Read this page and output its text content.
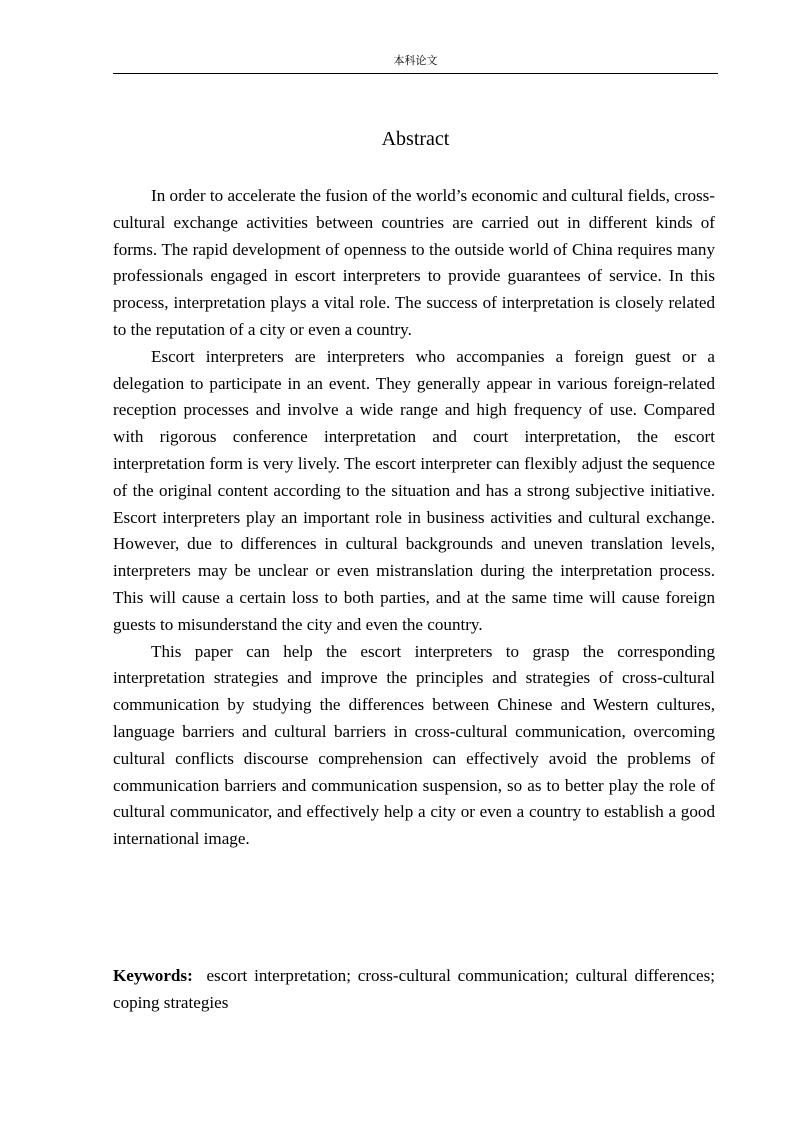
本科论文
Abstract

In order to accelerate the fusion of the world’s economic and cultural fields, cross-cultural exchange activities between countries are carried out in different kinds of forms. The rapid development of openness to the outside world of China requires many professionals engaged in escort interpreters to provide guarantees of service. In this process, interpretation plays a vital role. The success of interpretation is closely related to the reputation of a city or even a country.

Escort interpreters are interpreters who accompanies a foreign guest or a delegation to participate in an event. They generally appear in various foreign-related reception processes and involve a wide range and high frequency of use. Compared with rigorous conference interpretation and court interpretation, the escort interpretation form is very lively. The escort interpreter can flexibly adjust the sequence of the original content according to the situation and has a strong subjective initiative. Escort interpreters play an important role in business activities and cultural exchange. However, due to differences in cultural backgrounds and uneven translation levels, interpreters may be unclear or even mistranslation during the interpretation process. This will cause a certain loss to both parties, and at the same time will cause foreign guests to misunderstand the city and even the country.

This paper can help the escort interpreters to grasp the corresponding interpretation strategies and improve the principles and strategies of cross-cultural communication by studying the differences between Chinese and Western cultures, language barriers and cultural barriers in cross-cultural communication, overcoming cultural conflicts discourse comprehension can effectively avoid the problems of communication barriers and communication suspension, so as to better play the role of cultural communicator, and effectively help a city or even a country to establish a good international image.

Keywords: escort interpretation; cross-cultural communication; cultural differences; coping strategies
